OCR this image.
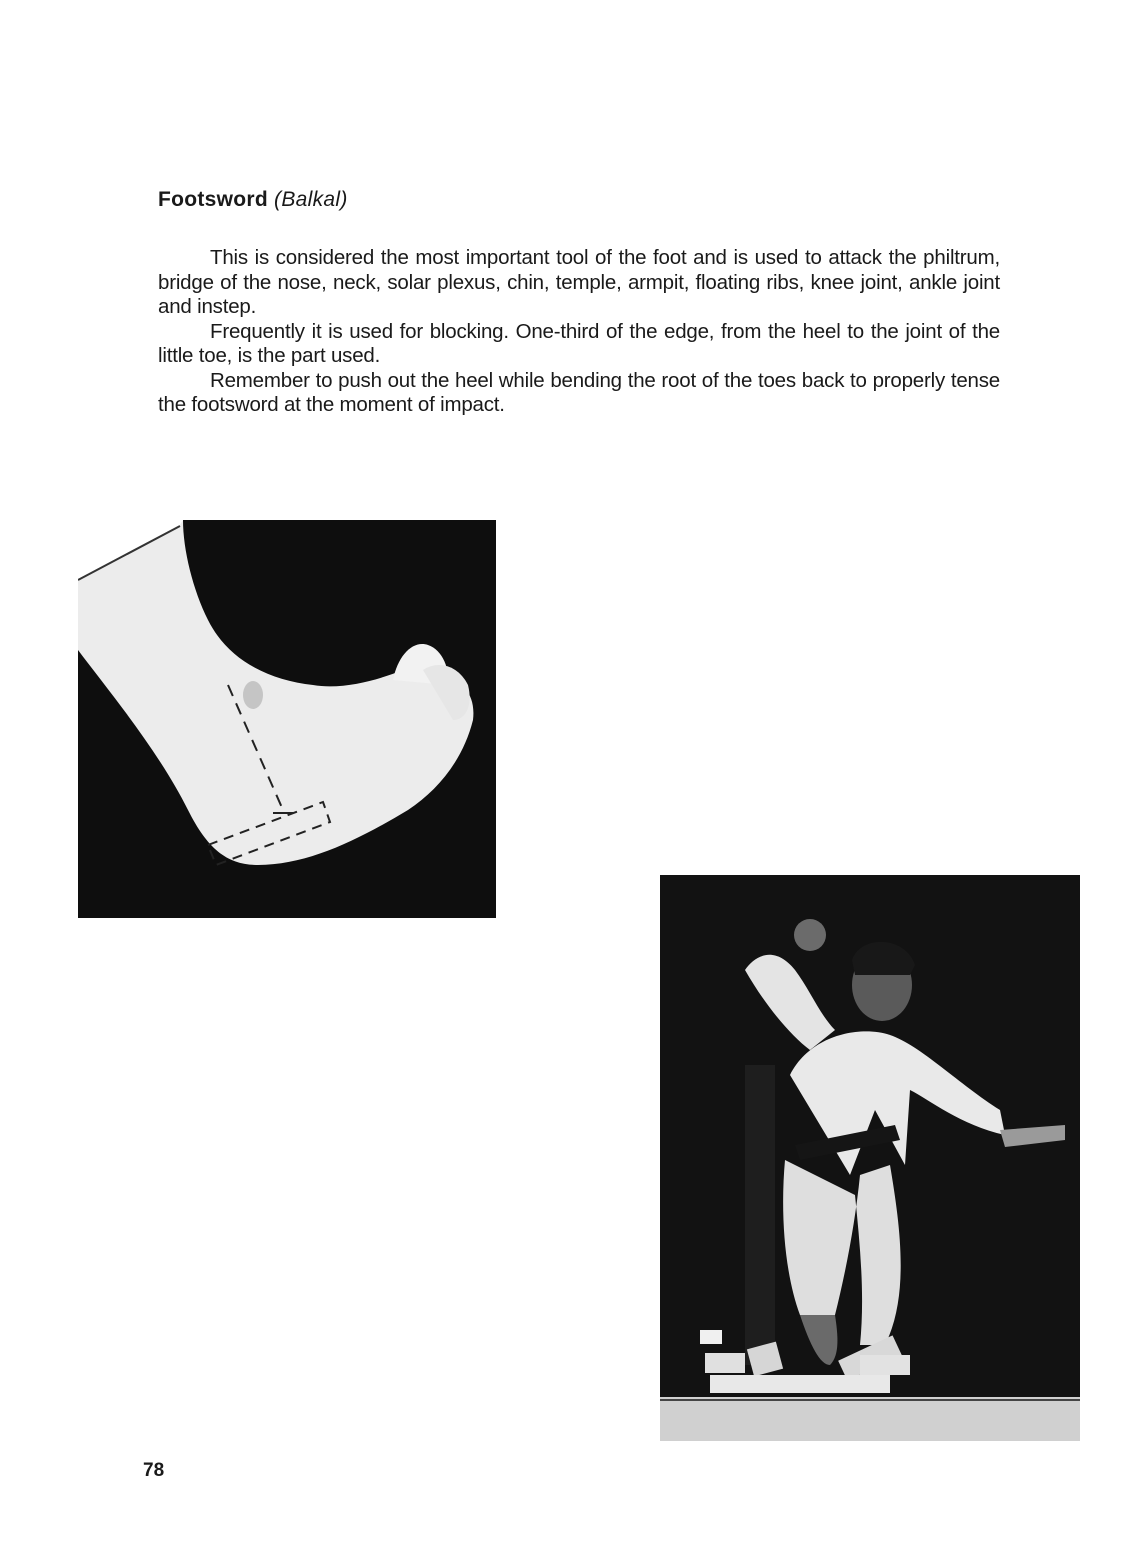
Footsword (Balkal)

This is considered the most important tool of the foot and is used to attack the philtrum, bridge of the nose, neck, solar plexus, chin, temple, armpit, floating ribs, knee joint, ankle joint and instep.

Frequently it is used for blocking. One-third of the edge, from the heel to the joint of the little toe, is the part used.

Remember to push out the heel while bending the root of the toes back to properly tense the footsword at the moment of impact.

78
